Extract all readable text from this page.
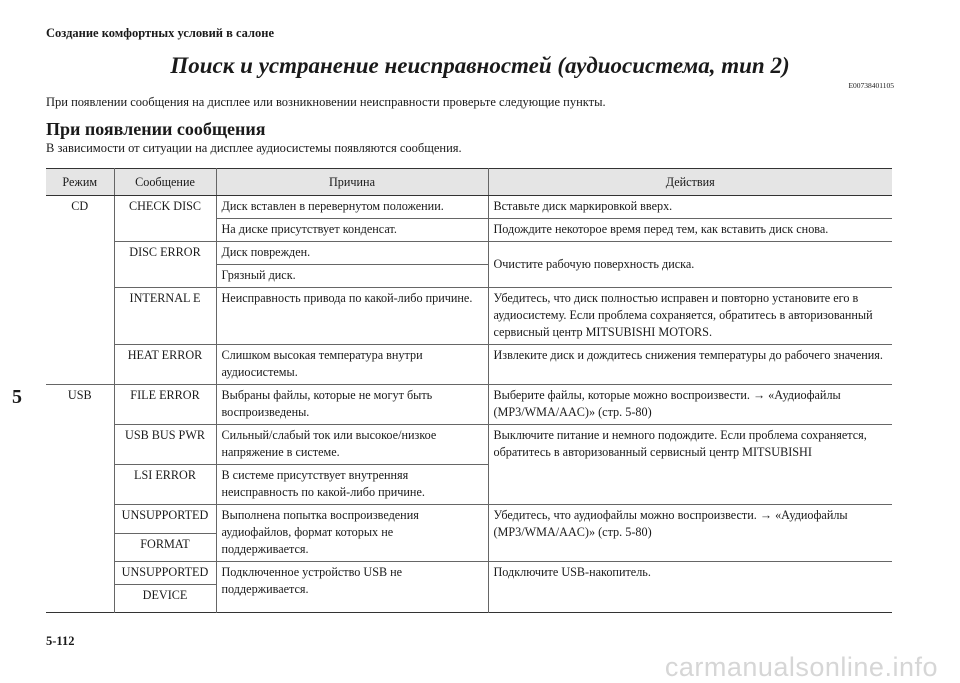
Создание комфортных условий в салоне
5
Поиск и устранение неисправностей (аудиосистема, тип 2)
E00738401105
При появлении сообщения на дисплее или возникновении неисправности проверьте следующие пункты.
При появлении сообщения
В зависимости от ситуации на дисплее аудиосистемы появляются сообщения.
Режим	Сообщение	Причина	Действия
CD	CHECK DISC	Диск вставлен в перевернутом положении.	Вставьте диск маркировкой вверх.
		На диске присутствует конденсат.	Подождите некоторое время перед тем, как вставить диск снова.
	DISC ERROR	Диск поврежден.	Очистите рабочую поверхность диска.
		Грязный диск.	
	INTERNAL E	Неисправность привода по какой-либо причине.	Убедитесь, что диск полностью исправен и повторно установите его в аудиосистему. Если проблема сохраняется, обратитесь в авторизованный сервисный центр MITSUBISHI MOTORS.
	HEAT ERROR	Слишком высокая температура внутри аудиосистемы.	Извлеките диск и дождитесь снижения температуры до рабочего значения.
USB	FILE ERROR	Выбраны файлы, которые не могут быть воспроизведены.	Выберите файлы, которые можно воспроизвести. → «Аудиофайлы (MP3/WMA/AAC)» (стр. 5-80)
	USB BUS PWR	Сильный/слабый ток или высокое/низкое напряжение в системе.	Выключите питание и немного подождите. Если проблема сохраняется, обратитесь в авторизованный сервисный центр MITSUBISHI
	LSI ERROR	В системе присутствует внутренняя неисправность по какой-либо причине.	
	UNSUPPORTED	Выполнена попытка воспроизведения аудиофайлов, формат которых не поддерживается.	Убедитесь, что аудиофайлы можно воспроизвести. → «Аудиофайлы (MP3/WMA/AAC)» (стр. 5-80)
	FORMAT		
	UNSUPPORTED	Подключенное устройство USB не поддерживается.	Подключите USB-накопитель.
	DEVICE		
5-112
carmanualsonline.info
